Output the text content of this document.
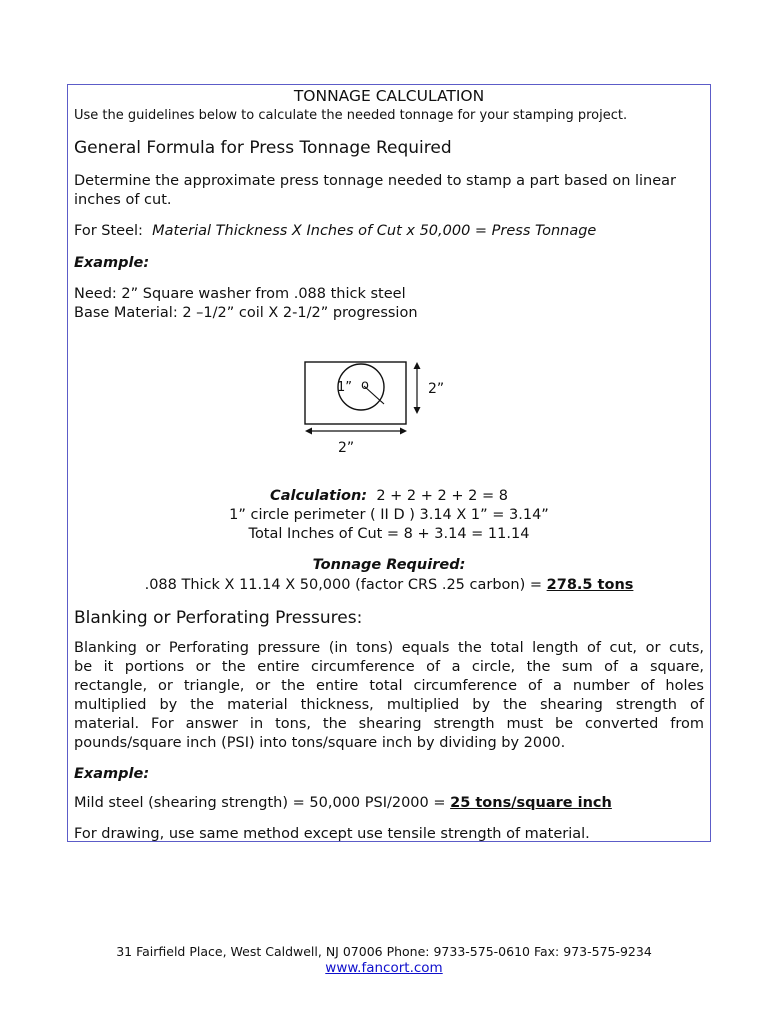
TONNAGE CALCULATION
Use the guidelines below to calculate the needed tonnage for your stamping project.
General Formula for Press Tonnage Required
Determine the approximate press tonnage needed to stamp a part based on linear
inches of cut.
For Steel: Material Thickness X Inches of Cut x 50,000 = Press Tonnage
Example:
Need: 2” Square washer from .088 thick steel
Base Material: 2 –1/2” coil X 2-1/2” progression
1” o	2”
2”
Calculation: 2 + 2 + 2 + 2 = 8
1” circle perimeter ( II D ) 3.14 X 1” = 3.14”
Total Inches of Cut = 8 + 3.14 = 11.14
Tonnage Required:
.088 Thick X 11.14 X 50,000 (factor CRS .25 carbon) = 278.5 tons
Blanking or Perforating Pressures:
Blanking or Perforating pressure (in tons) equals the total length of cut, or cuts,
be it portions or the entire circumference of a circle, the sum of a square,
rectangle, or triangle, or the entire total circumference of a number of holes
multiplied by the material thickness, multiplied by the shearing strength of
material. For answer in tons, the shearing strength must be converted from
pounds/square inch (PSI) into tons/square inch by dividing by 2000.
Example:
Mild steel (shearing strength) = 50,000 PSI/2000 = 25 tons/square inch
For drawing, use same method except use tensile strength of material.
31 Fairfield Place, West Caldwell, NJ 07006 Phone: 9733-575-0610 Fax: 973-575-9234
www.fancort.com
